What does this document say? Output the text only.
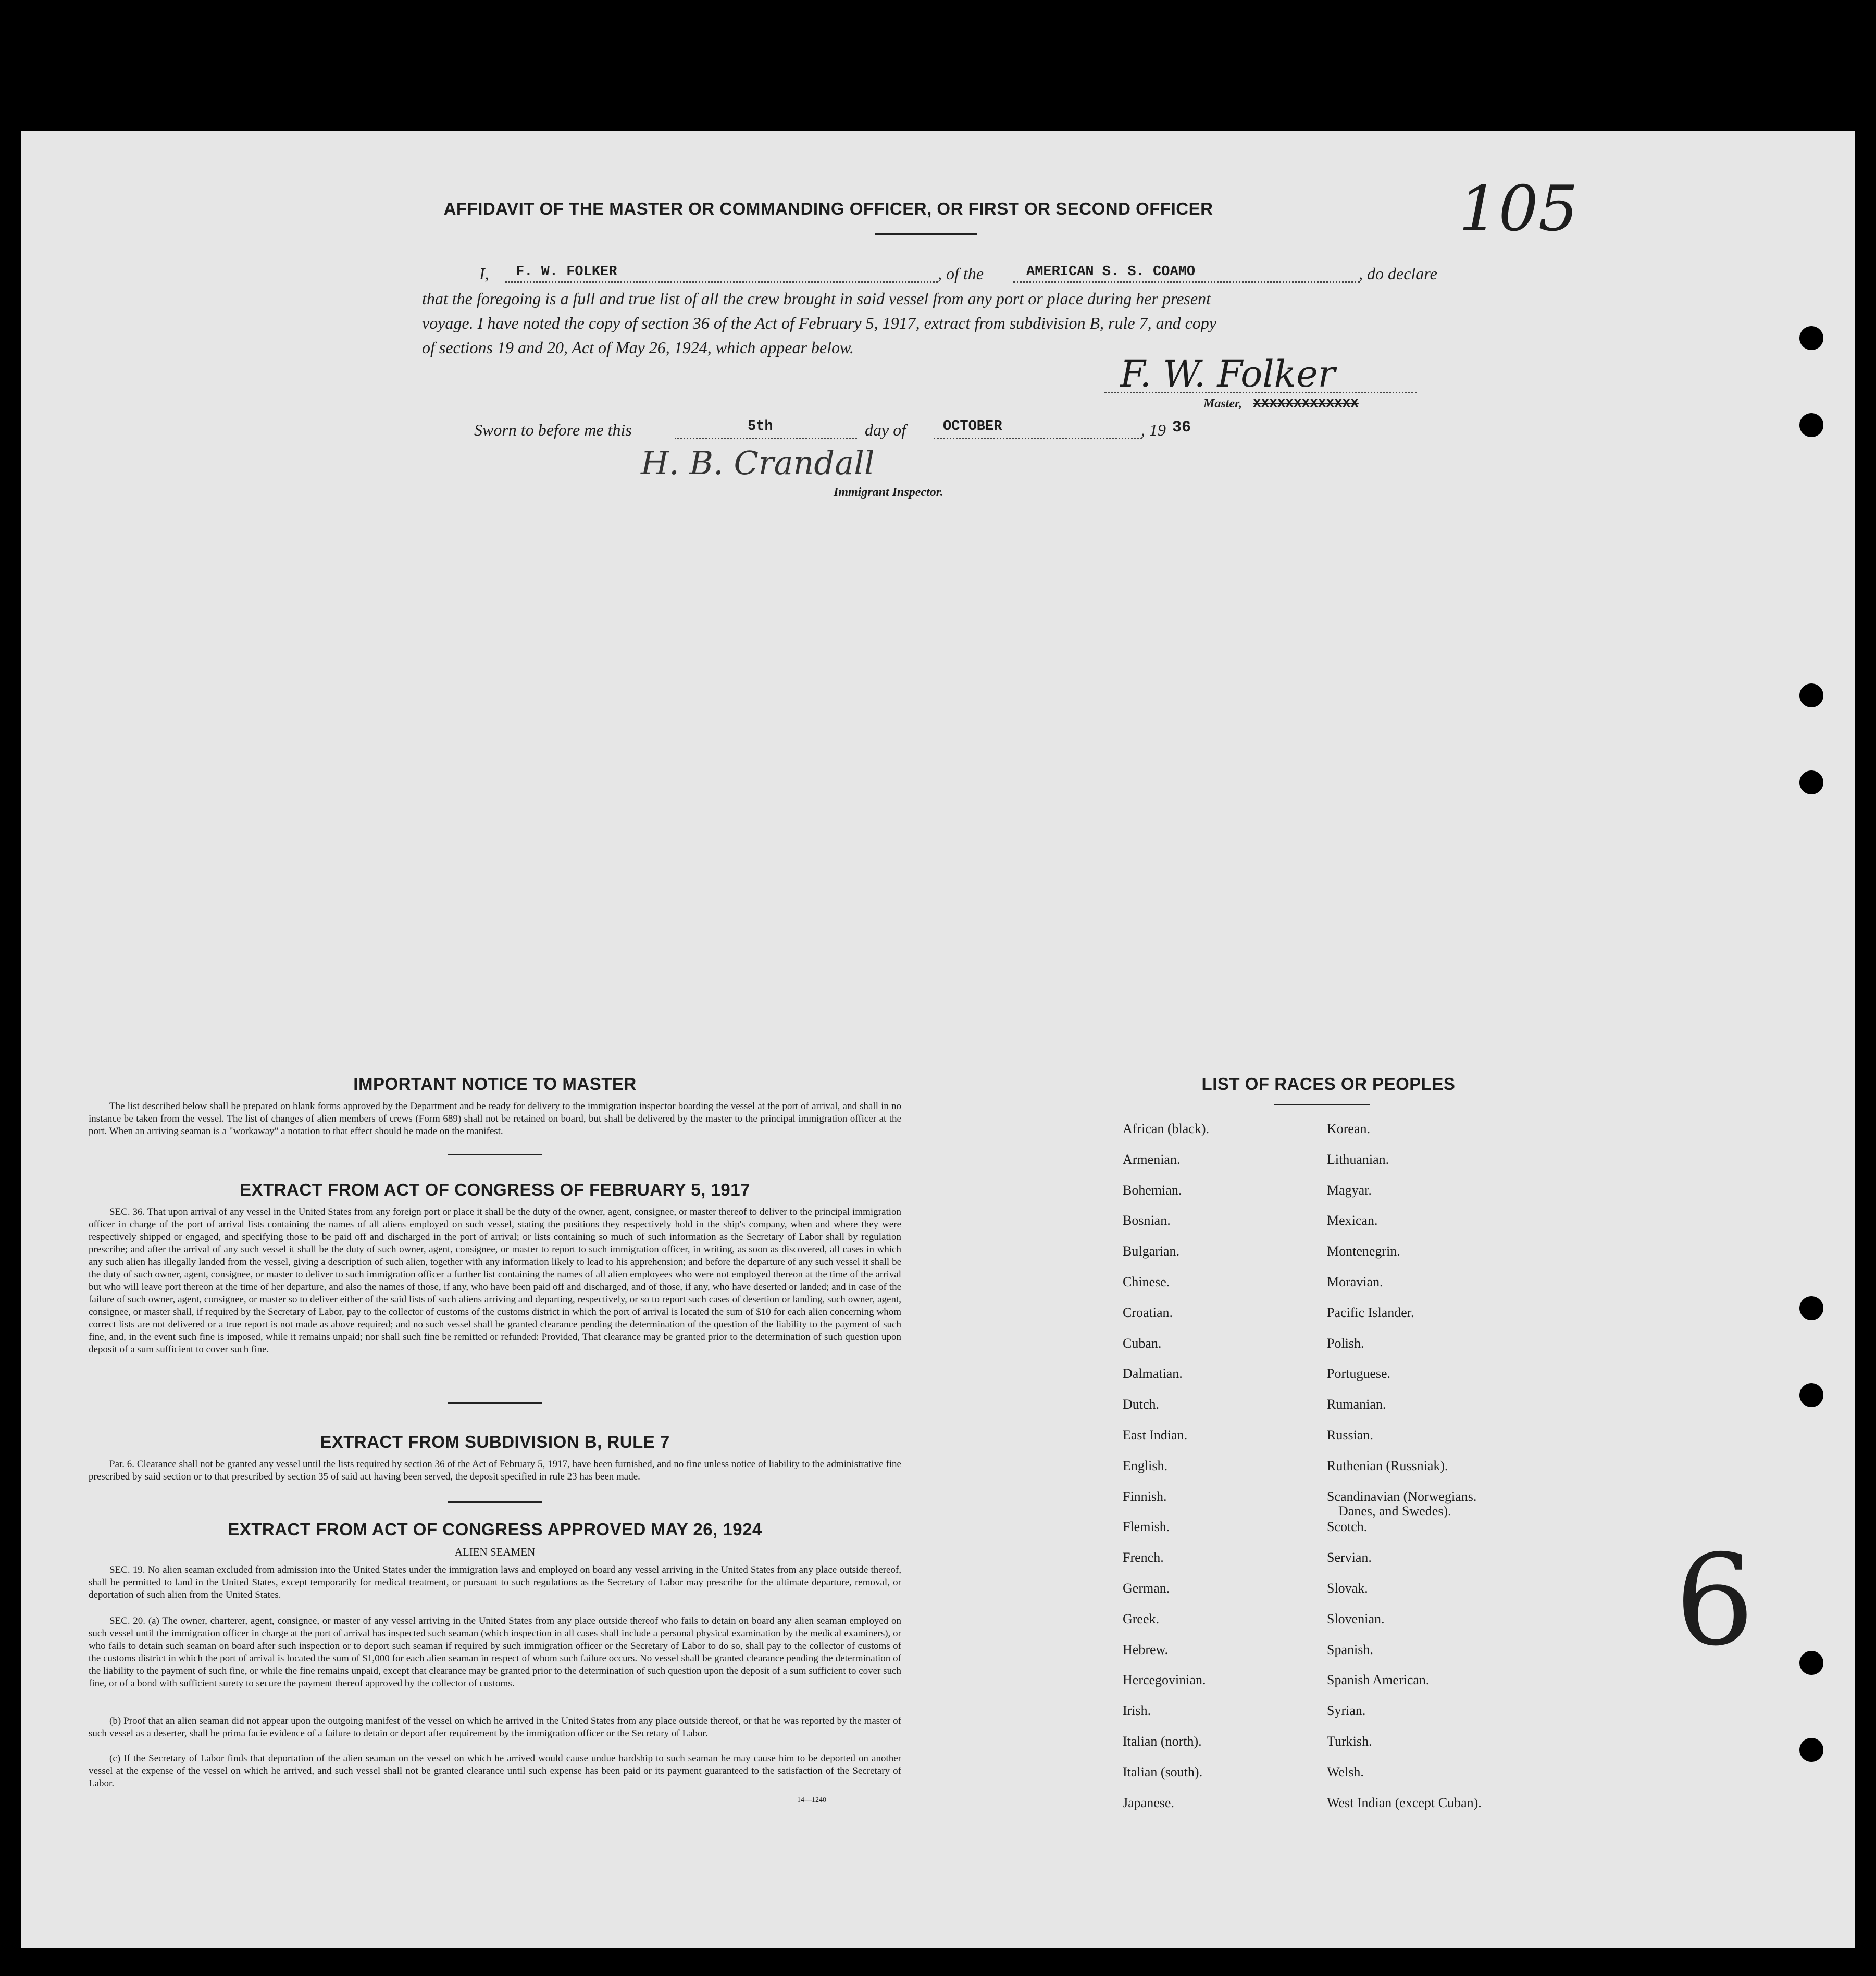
AFFIDAVIT OF THE MASTER OR COMMANDING OFFICER, OR FIRST OR SECOND OFFICER	105
I, F. W. FOLKER	, of the	AMERICAN S. S. COAMO	, do declare
that the foregoing is a full and true list of all the crew brought in said vessel from any port or place during her present
voyage. I have noted the copy of section 36 of the Act of February 5, 1917, extract from subdivision B, rule 7, and copy
of sections 19 and 20, Act of May 26, 1924, which appear below.
F. W. Folker
Master, XXXXXXXXXXXXX
Sworn to before me this	5th	day of	OCTOBER	, 19 36
H. B. Crandall
Immigrant Inspector.
IMPORTANT NOTICE TO MASTER
The list described below shall be prepared on blank forms approved by the Department and be ready for delivery to the immigration inspector boarding the vessel at the port of arrival, and shall in no instance be taken from the vessel. The list of changes of alien members of crews (Form 689) shall not be retained on board, but shall be delivered by the master to the principal immigration officer at the port. When an arriving seaman is a "workaway" a notation to that effect should be made on the manifest.
EXTRACT FROM ACT OF CONGRESS OF FEBRUARY 5, 1917
SEC. 36. That upon arrival of any vessel in the United States from any foreign port or place it shall be the duty of the owner, agent, consignee, or master thereof to deliver to the principal immigration officer in charge of the port of arrival lists containing the names of all aliens employed on such vessel, stating the positions they respectively hold in the ship's company, when and where they were respectively shipped or engaged, and specifying those to be paid off and discharged in the port of arrival; or lists containing so much of such information as the Secretary of Labor shall by regulation prescribe; and after the arrival of any such vessel it shall be the duty of such owner, agent, consignee, or master to report to such immigration officer, in writing, as soon as discovered, all cases in which any such alien has illegally landed from the vessel, giving a description of such alien, together with any information likely to lead to his apprehension; and before the departure of any such vessel it shall be the duty of such owner, agent, consignee, or master to deliver to such immigration officer a further list containing the names of all alien employees who were not employed thereon at the time of the arrival but who will leave port thereon at the time of her departure, and also the names of those, if any, who have been paid off and discharged, and of those, if any, who have deserted or landed; and in case of the failure of such owner, agent, consignee, or master so to deliver either of the said lists of such aliens arriving and departing, respectively, or so to report such cases of desertion or landing, such owner, agent, consignee, or master shall, if required by the Secretary of Labor, pay to the collector of customs of the customs district in which the port of arrival is located the sum of $10 for each alien concerning whom correct lists are not delivered or a true report is not made as above required; and no such vessel shall be granted clearance pending the determination of the question of the liability to the payment of such fine, and, in the event such fine is imposed, while it remains unpaid; nor shall such fine be remitted or refunded: Provided, That clearance may be granted prior to the determination of such question upon deposit of a sum sufficient to cover such fine.
EXTRACT FROM SUBDIVISION B, RULE 7
Par. 6. Clearance shall not be granted any vessel until the lists required by section 36 of the Act of February 5, 1917, have been furnished, and no fine unless notice of liability to the administrative fine prescribed by said section or to that prescribed by section 35 of said act having been served, the deposit specified in rule 23 has been made.
EXTRACT FROM ACT OF CONGRESS APPROVED MAY 26, 1924
ALIEN SEAMEN
SEC. 19. No alien seaman excluded from admission into the United States under the immigration laws and employed on board any vessel arriving in the United States from any place outside thereof, shall be permitted to land in the United States, except temporarily for medical treatment, or pursuant to such regulations as the Secretary of Labor may prescribe for the ultimate departure, removal, or deportation of such alien from the United States.
SEC. 20. (a) The owner, charterer, agent, consignee, or master of any vessel arriving in the United States from any place outside thereof who fails to detain on board any alien seaman employed on such vessel until the immigration officer in charge at the port of arrival has inspected such seaman (which inspection in all cases shall include a personal physical examination by the medical examiners), or who fails to detain such seaman on board after such inspection or to deport such seaman if required by such immigration officer or the Secretary of Labor to do so, shall pay to the collector of customs of the customs district in which the port of arrival is located the sum of $1,000 for each alien seaman in respect of whom such failure occurs. No vessel shall be granted clearance pending the determination of the liability to the payment of such fine, or while the fine remains unpaid, except that clearance may be granted prior to the determination of such question upon the deposit of a sum sufficient to cover such fine, or of a bond with sufficient surety to secure the payment thereof approved by the collector of customs.
(b) Proof that an alien seaman did not appear upon the outgoing manifest of the vessel on which he arrived in the United States from any place outside thereof, or that he was reported by the master of such vessel as a deserter, shall be prima facie evidence of a failure to detain or deport after requirement by the immigration officer or the Secretary of Labor.
(c) If the Secretary of Labor finds that deportation of the alien seaman on the vessel on which he arrived would cause undue hardship to such seaman he may cause him to be deported on another vessel at the expense of the vessel on which he arrived, and such vessel shall not be granted clearance until such expense has been paid or its payment guaranteed to the satisfaction of the Secretary of Labor.
14—1240
LIST OF RACES OR PEOPLES
African (black).
Armenian.
Bohemian.
Bosnian.
Bulgarian.
Chinese.
Croatian.
Cuban.
Dalmatian.
Dutch.
East Indian.
English.
Finnish.
Flemish.
French.
German.
Greek.
Hebrew.
Hercegovinian.
Irish.
Italian (north).
Italian (south).
Japanese.
Korean.
Lithuanian.
Magyar.
Mexican.
Montenegrin.
Moravian.
Pacific Islander.
Polish.
Portuguese.
Rumanian.
Russian.
Ruthenian (Russniak).
Scandinavian (Norwegians.
Danes, and Swedes).
Scotch.
Servian.
Slovak.
Slovenian.
Spanish.
Spanish American.
Syrian.
Turkish.
Welsh.
West Indian (except Cuban).
6
